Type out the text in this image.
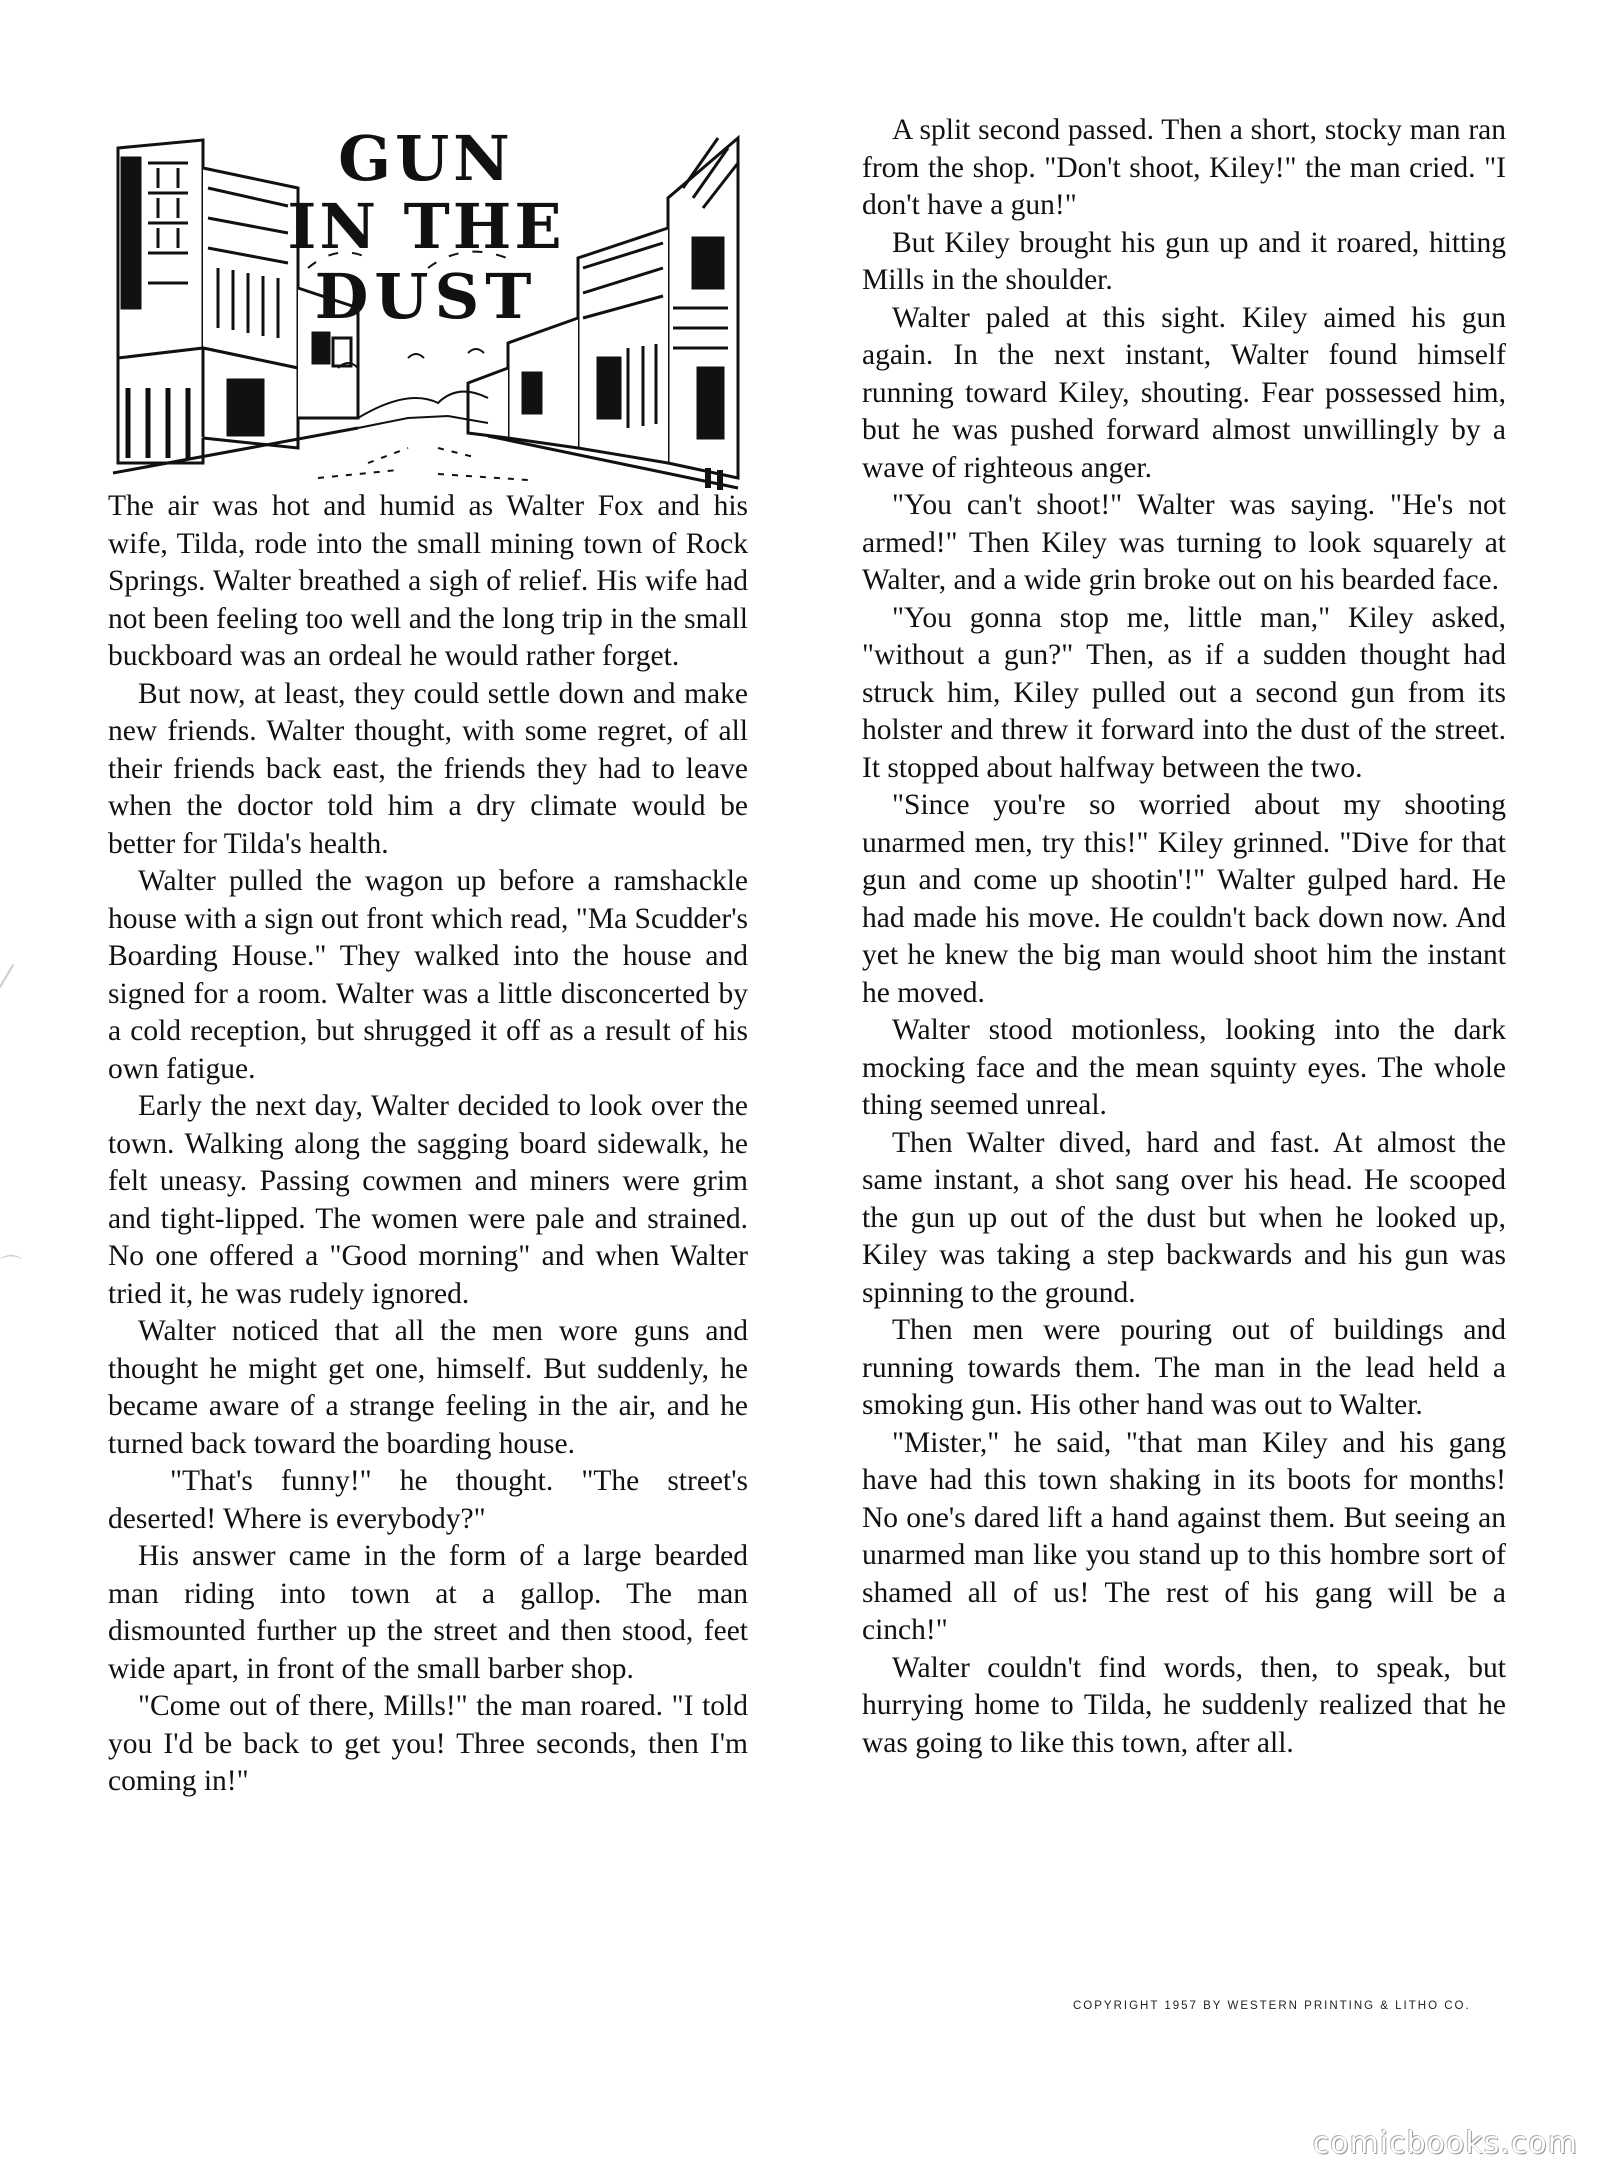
GUN
IN THE
DUST

The air was hot and humid as Walter Fox and his wife, Tilda, rode into the small mining town of Rock Springs. Walter breathed a sigh of relief. His wife had not been feeling too well and the long trip in the small buckboard was an ordeal he would rather forget.

But now, at least, they could settle down and make new friends. Walter thought, with some regret, of all their friends back east, the friends they had to leave when the doctor told him a dry climate would be better for Tilda's health.

Walter pulled the wagon up before a ramshackle house with a sign out front which read, "Ma Scudder's Boarding House." They walked into the house and signed for a room. Walter was a little disconcerted by a cold reception, but shrugged it off as a result of his own fatigue.

Early the next day, Walter decided to look over the town. Walking along the sagging board sidewalk, he felt uneasy. Passing cowmen and miners were grim and tight-lipped. The women were pale and strained. No one offered a "Good morning" and when Walter tried it, he was rudely ignored.

Walter noticed that all the men wore guns and thought he might get one, himself. But suddenly, he became aware of a strange feeling in the air, and he turned back toward the boarding house.

"That's funny!" he thought. "The street's deserted! Where is everybody?"

His answer came in the form of a large bearded man riding into town at a gallop. The man dismounted further up the street and then stood, feet wide apart, in front of the small barber shop.

"Come out of there, Mills!" the man roared. "I told you I'd be back to get you! Three seconds, then I'm coming in!"

A split second passed. Then a short, stocky man ran from the shop. "Don't shoot, Kiley!" the man cried. "I don't have a gun!"

But Kiley brought his gun up and it roared, hitting Mills in the shoulder.

Walter paled at this sight. Kiley aimed his gun again. In the next instant, Walter found himself running toward Kiley, shouting. Fear possessed him, but he was pushed forward almost unwillingly by a wave of righteous anger.

"You can't shoot!" Walter was saying. "He's not armed!" Then Kiley was turning to look squarely at Walter, and a wide grin broke out on his bearded face.

"You gonna stop me, little man," Kiley asked, "without a gun?" Then, as if a sudden thought had struck him, Kiley pulled out a second gun from its holster and threw it forward into the dust of the street. It stopped about halfway between the two.

"Since you're so worried about my shooting unarmed men, try this!" Kiley grinned. "Dive for that gun and come up shootin'!" Walter gulped hard. He had made his move. He couldn't back down now. And yet he knew the big man would shoot him the instant he moved.

Walter stood motionless, looking into the dark mocking face and the mean squinty eyes. The whole thing seemed unreal.

Then Walter dived, hard and fast. At almost the same instant, a shot sang over his head. He scooped the gun up out of the dust but when he looked up, Kiley was taking a step backwards and his gun was spinning to the ground.

Then men were pouring out of buildings and running towards them. The man in the lead held a smoking gun. His other hand was out to Walter.

"Mister," he said, "that man Kiley and his gang have had this town shaking in its boots for months! No one's dared lift a hand against them. But seeing an unarmed man like you stand up to this hombre sort of shamed all of us! The rest of his gang will be a cinch!"

Walter couldn't find words, then, to speak, but hurrying home to Tilda, he suddenly realized that he was going to like this town, after all.

COPYRIGHT 1957 BY WESTERN PRINTING & LITHO CO.
comicbooks.com
⁄
⌒
